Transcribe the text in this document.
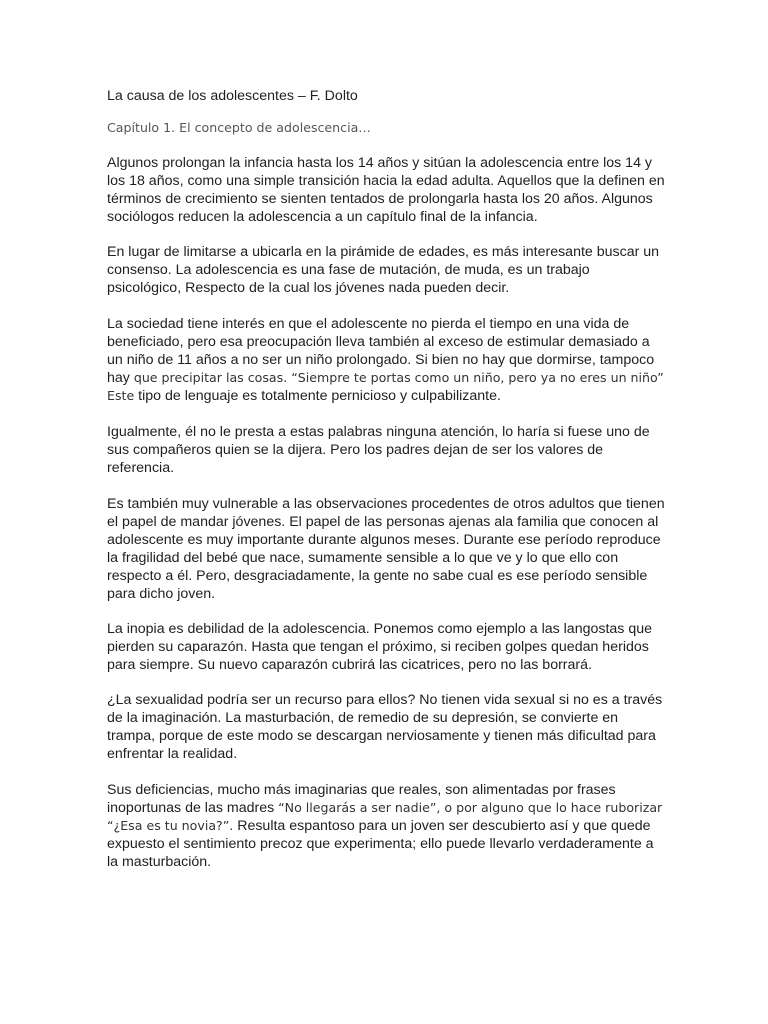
La causa de los adolescentes – F. Dolto
Capítulo 1. El concepto de adolescencia…

Algunos prolongan la infancia hasta los 14 años y sitúan la adolescencia entre los 14 y los 18 años, como una simple transición hacia la edad adulta. Aquellos que la definen en términos de crecimiento se sienten tentados de prolongarla hasta los 20 años. Algunos sociólogos reducen la adolescencia a un capítulo final de la infancia.

En lugar de limitarse a ubicarla en la pirámide de edades, es más interesante buscar un consenso. La adolescencia es una fase de mutación, de muda, es un trabajo psicológico, Respecto de la cual los jóvenes nada pueden decir.

La sociedad tiene interés en que el adolescente no pierda el tiempo en una vida de beneficiado, pero esa preocupación lleva también al exceso de estimular demasiado a un niño de 11 años a no ser un niño prolongado. Si bien no hay que dormirse, tampoco hay que precipitar las cosas. “Siempre te portas como un niño, pero ya no eres un niño” Este tipo de lenguaje es totalmente pernicioso y culpabilizante.

Igualmente, él no le presta a estas palabras ninguna atención, lo haría si fuese uno de sus compañeros quien se la dijera. Pero los padres dejan de ser los valores de referencia.

Es también muy vulnerable a las observaciones procedentes de otros adultos que tienen el papel de mandar jóvenes. El papel de las personas ajenas ala familia que conocen al adolescente es muy importante durante algunos meses. Durante ese período reproduce la fragilidad del bebé que nace, sumamente sensible a lo que ve y lo que ello con respecto a él. Pero, desgraciadamente, la gente no sabe cual es ese período sensible para dicho joven.

La inopia es debilidad de la adolescencia. Ponemos como ejemplo a las langostas que pierden su caparazón. Hasta que tengan el próximo, si reciben golpes quedan heridos para siempre. Su nuevo caparazón cubrirá las cicatrices, pero no las borrará.

¿La sexualidad podría ser un recurso para ellos? No tienen vida sexual si no es a través de la imaginación. La masturbación, de remedio de su depresión, se convierte en trampa, porque de este modo se descargan nerviosamente y tienen más dificultad para enfrentar la realidad.

Sus deficiencias, mucho más imaginarias que reales, son alimentadas por frases inoportunas de las madres “No llegarás a ser nadie”, o por alguno que lo hace ruborizar “¿Esa es tu novia?”. Resulta espantoso para un joven ser descubierto así y que quede expuesto el sentimiento precoz que experimenta; ello puede llevarlo verdaderamente a la masturbación.
